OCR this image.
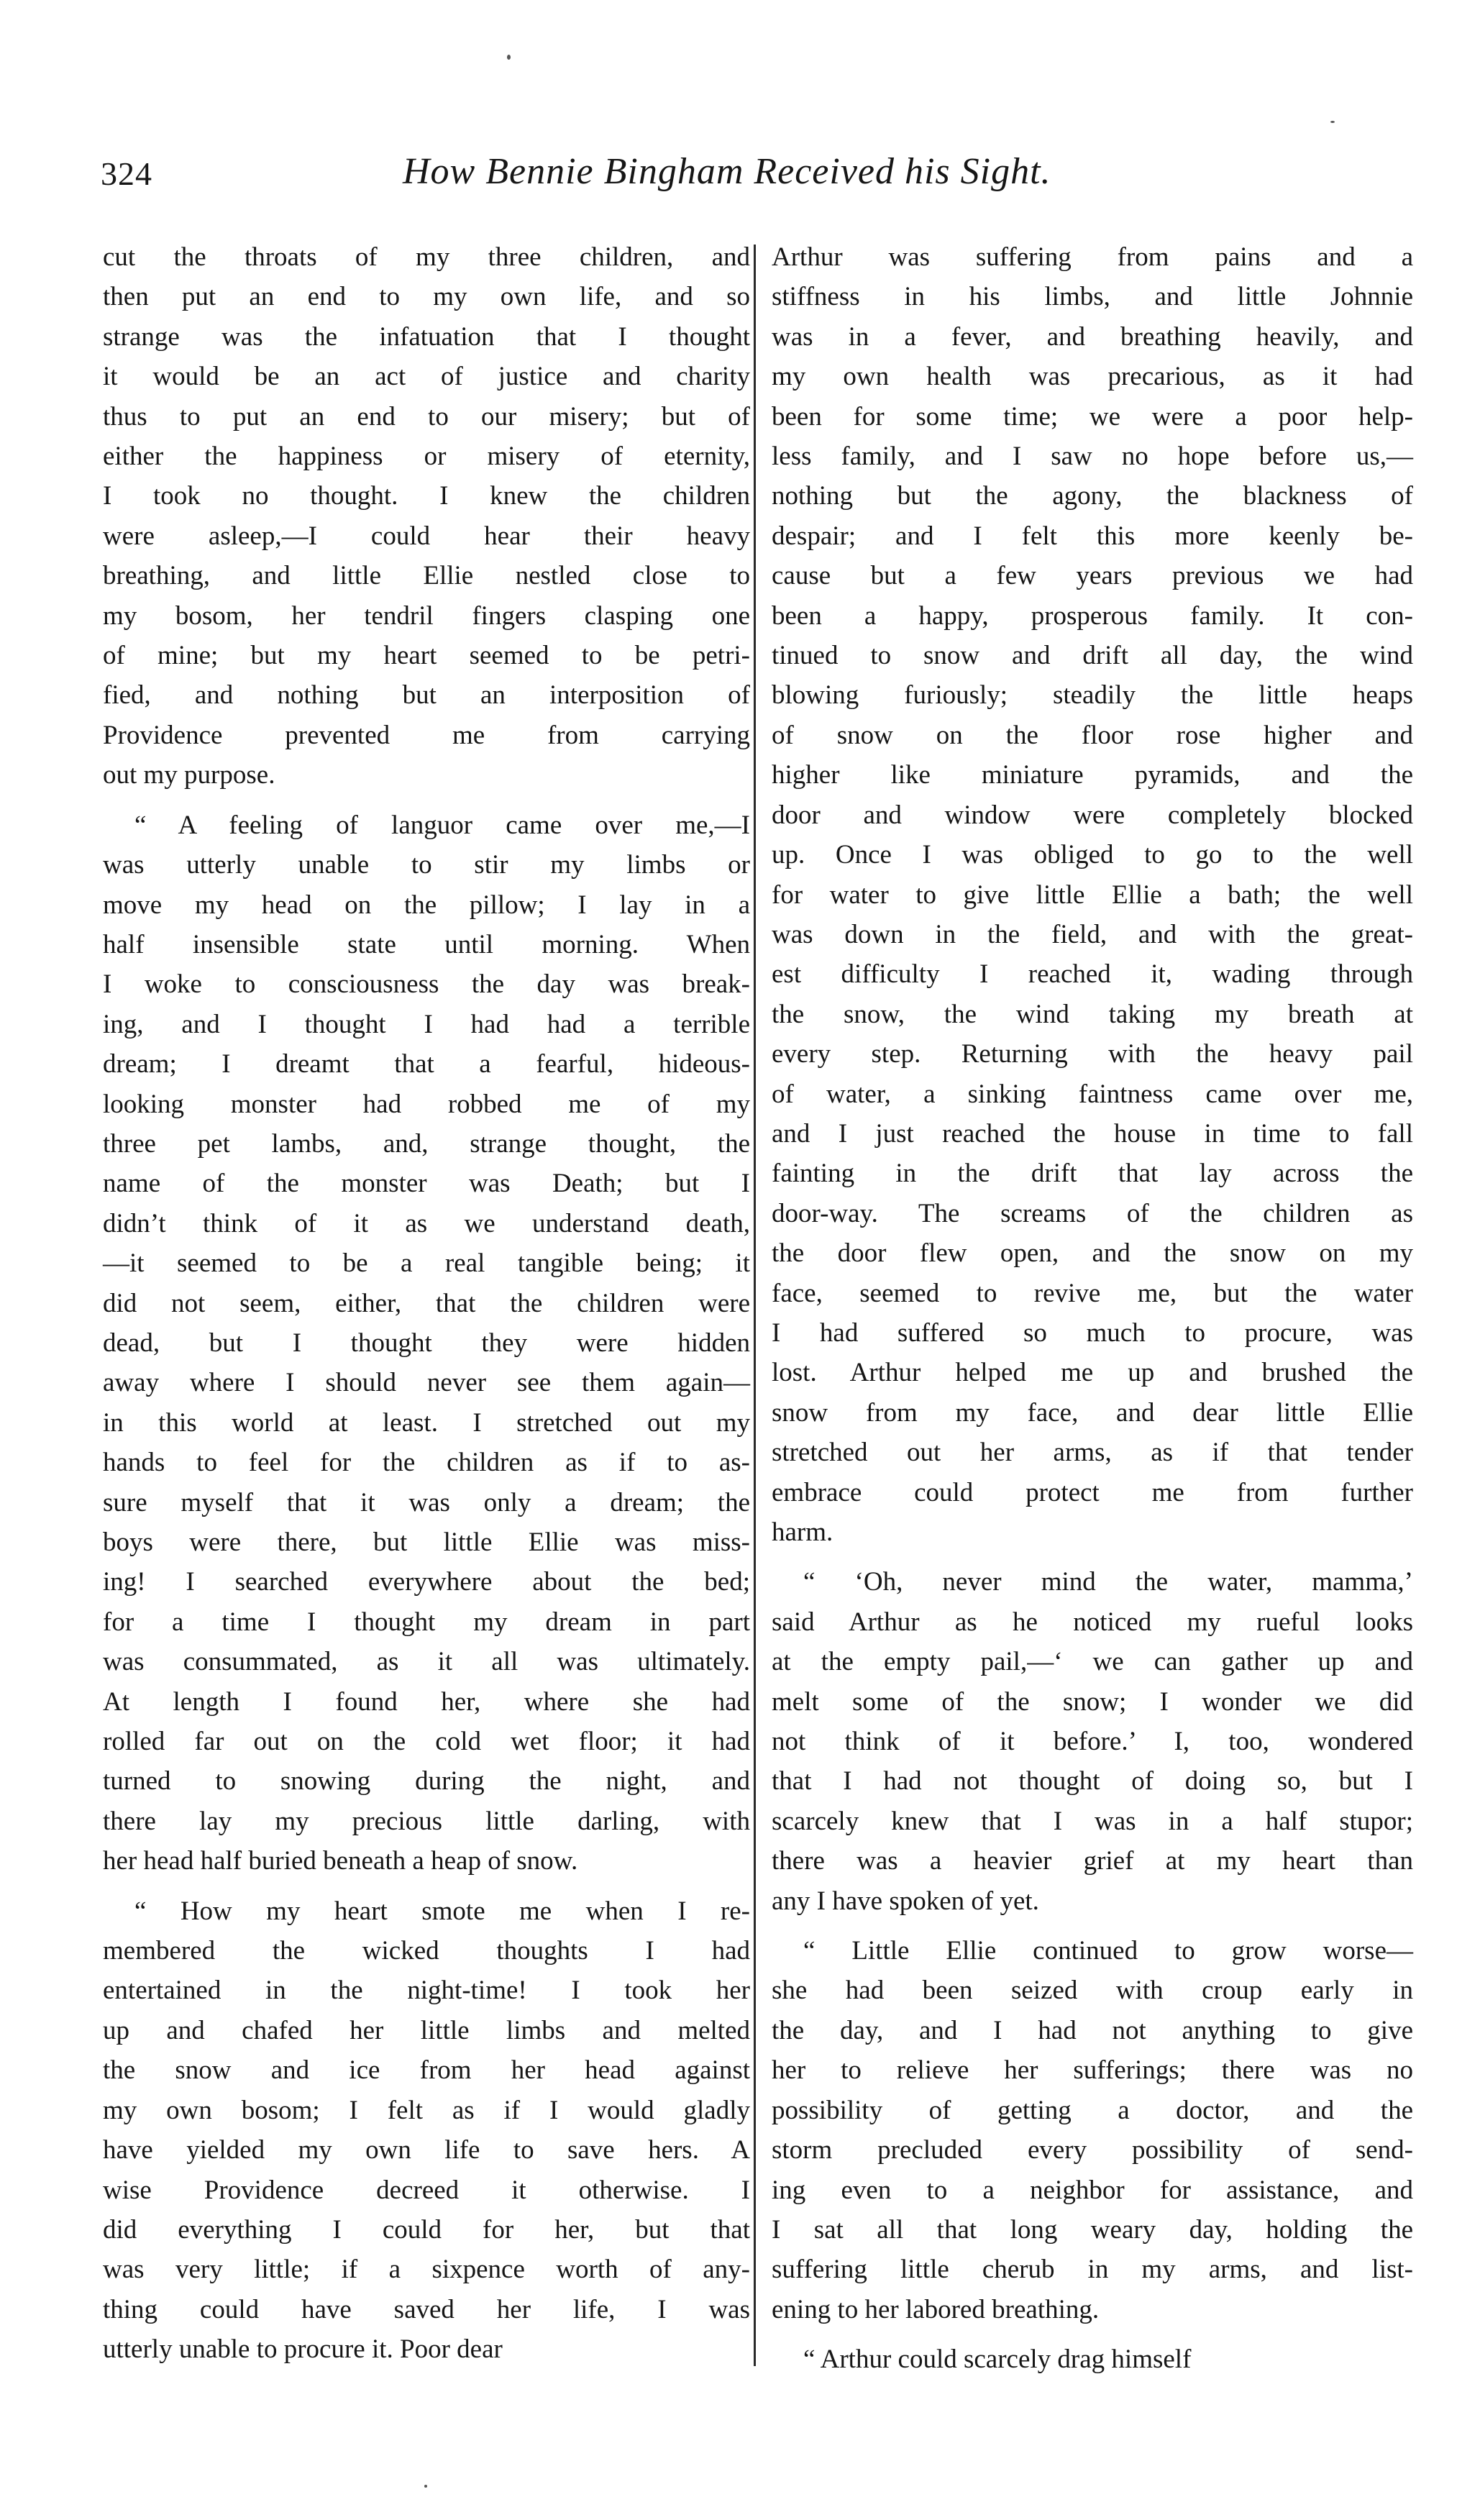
324	How Bennie Bingham Received his Sight.

cut the throats of my three children, and

then put an end to my own life, and so

strange was the infatuation that I thought

it would be an act of justice and charity

thus to put an end to our misery; but of

either the happiness or misery of eternity,

I took no thought. I knew the children

were asleep,—I could hear their heavy

breathing, and little Ellie nestled close to

my bosom, her tendril fingers clasping one

of mine; but my heart seemed to be petri-

fied, and nothing but an interposition of

Providence prevented me from carrying

out my purpose.

“ A feeling of languor came over me,—I

was utterly unable to stir my limbs or

move my head on the pillow; I lay in a

half insensible state until morning. When

I woke to consciousness the day was break-

ing, and I thought I had had a terrible

dream; I dreamt that a fearful, hideous-

looking monster had robbed me of my

three pet lambs, and, strange thought, the

name of the monster was Death; but I

didn’t think of it as we understand death,

—it seemed to be a real tangible being; it

did not seem, either, that the children were

dead, but I thought they were hidden

away where I should never see them again—

in this world at least. I stretched out my

hands to feel for the children as if to as-

sure myself that it was only a dream; the

boys were there, but little Ellie was miss-

ing! I searched everywhere about the bed;

for a time I thought my dream in part

was consummated, as it all was ultimately.

At length I found her, where she had

rolled far out on the cold wet floor; it had

turned to snowing during the night, and

there lay my precious little darling, with

her head half buried beneath a heap of snow.

“ How my heart smote me when I re-

membered the wicked thoughts I had

entertained in the night-time! I took her

up and chafed her little limbs and melted

the snow and ice from her head against

my own bosom; I felt as if I would gladly

have yielded my own life to save hers. A

wise Providence decreed it otherwise. I

did everything I could for her, but that

was very little; if a sixpence worth of any-

thing could have saved her life, I was

utterly unable to procure it. Poor dear

Arthur was suffering from pains and a

stiffness in his limbs, and little Johnnie

was in a fever, and breathing heavily, and

my own health was precarious, as it had

been for some time; we were a poor help-

less family, and I saw no hope before us,—

nothing but the agony, the blackness of

despair; and I felt this more keenly be-

cause but a few years previous we had

been a happy, prosperous family. It con-

tinued to snow and drift all day, the wind

blowing furiously; steadily the little heaps

of snow on the floor rose higher and

higher like miniature pyramids, and the

door and window were completely blocked

up. Once I was obliged to go to the well

for water to give little Ellie a bath; the well

was down in the field, and with the great-

est difficulty I reached it, wading through

the snow, the wind taking my breath at

every step. Returning with the heavy pail

of water, a sinking faintness came over me,

and I just reached the house in time to fall

fainting in the drift that lay across the

door-way. The screams of the children as

the door flew open, and the snow on my

face, seemed to revive me, but the water

I had suffered so much to procure, was

lost. Arthur helped me up and brushed the

snow from my face, and dear little Ellie

stretched out her arms, as if that tender

embrace could protect me from further

harm.

“ ‘Oh, never mind the water, mamma,’

said Arthur as he noticed my rueful looks

at the empty pail,—‘ we can gather up and

melt some of the snow; I wonder we did

not think of it before.’ I, too, wondered

that I had not thought of doing so, but I

scarcely knew that I was in a half stupor;

there was a heavier grief at my heart than

any I have spoken of yet.

“ Little Ellie continued to grow worse—

she had been seized with croup early in

the day, and I had not anything to give

her to relieve her sufferings; there was no

possibility of getting a doctor, and the

storm precluded every possibility of send-

ing even to a neighbor for assistance, and

I sat all that long weary day, holding the

suffering little cherub in my arms, and list-

ening to her labored breathing.

“ Arthur could scarcely drag himself
